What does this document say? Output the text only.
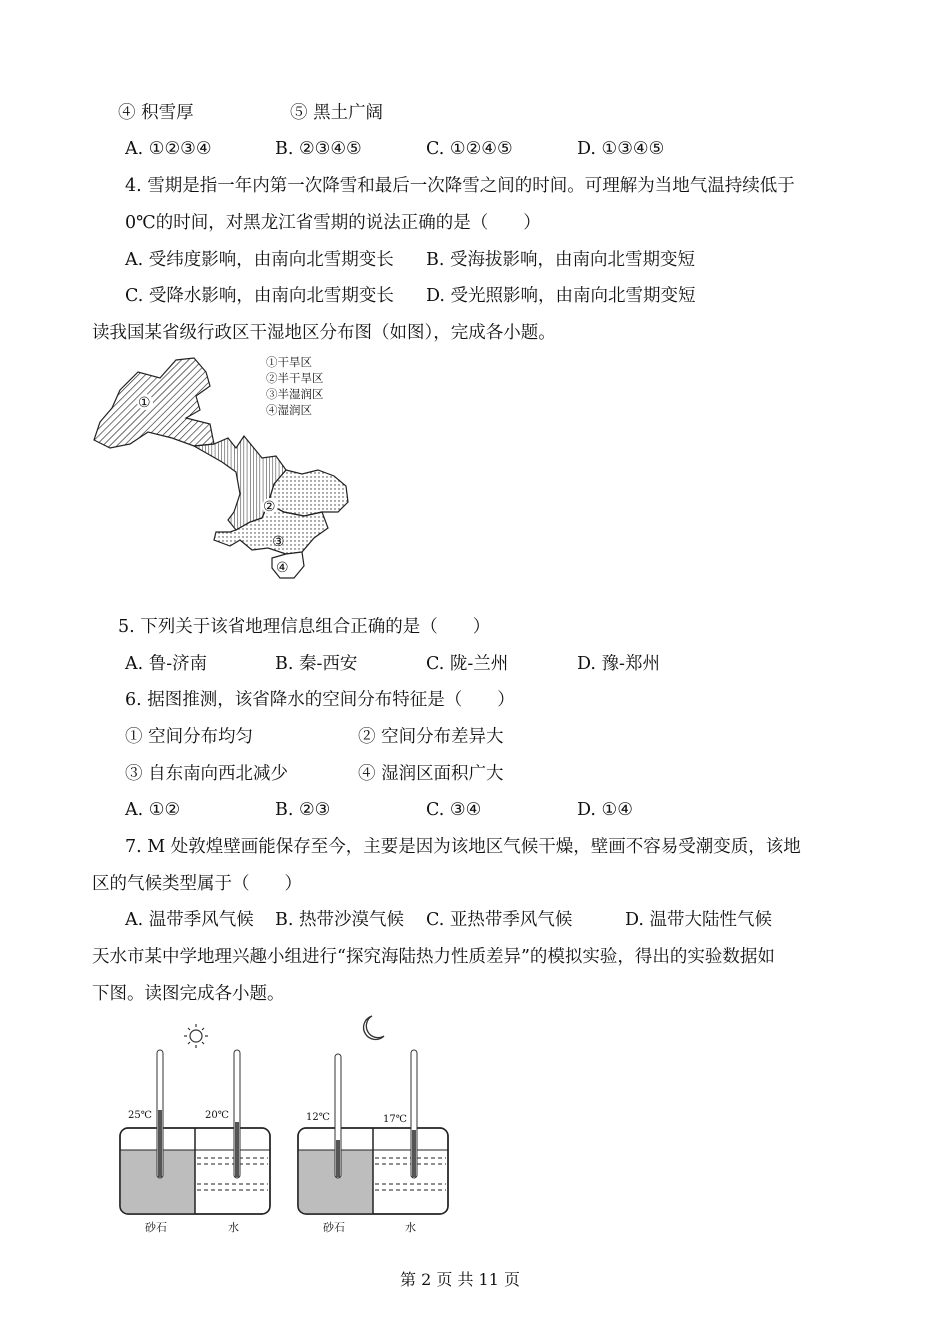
④ 积雪厚	⑤ 黑土广阔
A. ①②③④	B. ②③④⑤	C. ①②④⑤	D. ①③④⑤
4. 雪期是指一年内第一次降雪和最后一次降雪之间的时间。可理解为当地气温持续低于
0℃的时间，对黑龙江省雪期的说法正确的是（　　）
A. 受纬度影响，由南向北雪期变长 B. 受海拔影响，由南向北雪期变短
C. 受降水影响，由南向北雪期变长 D. 受光照影响，由南向北雪期变短
读我国某省级行政区干湿地区分布图（如图），完成各小题。
①
②
③
④
①干旱区
②半干旱区
③半湿润区
④湿润区
5. 下列关于该省地理信息组合正确的是（　　）
A. 鲁-济南	B. 秦-西安	C. 陇-兰州	D. 豫-郑州
6. 据图推测，该省降水的空间分布特征是（　　）
① 空间分布均匀	② 空间分布差异大
③ 自东南向西北减少	④ 湿润区面积广大
A. ①②	B. ②③	C. ③④	D. ①④
7. M 处敦煌壁画能保存至今，主要是因为该地区气候干燥，壁画不容易受潮变质，该地
区的气候类型属于（　　）
A. 温带季风气候 B. 热带沙漠气候 C. 亚热带季风气候	D. 温带大陆性气候
天水市某中学地理兴趣小组进行“探究海陆热力性质差异”的模拟实验，得出的实验数据如
下图。读图完成各小题。
25℃	20℃	12℃	17℃
砂石	水	砂石	水
第 2 页 共 11 页
